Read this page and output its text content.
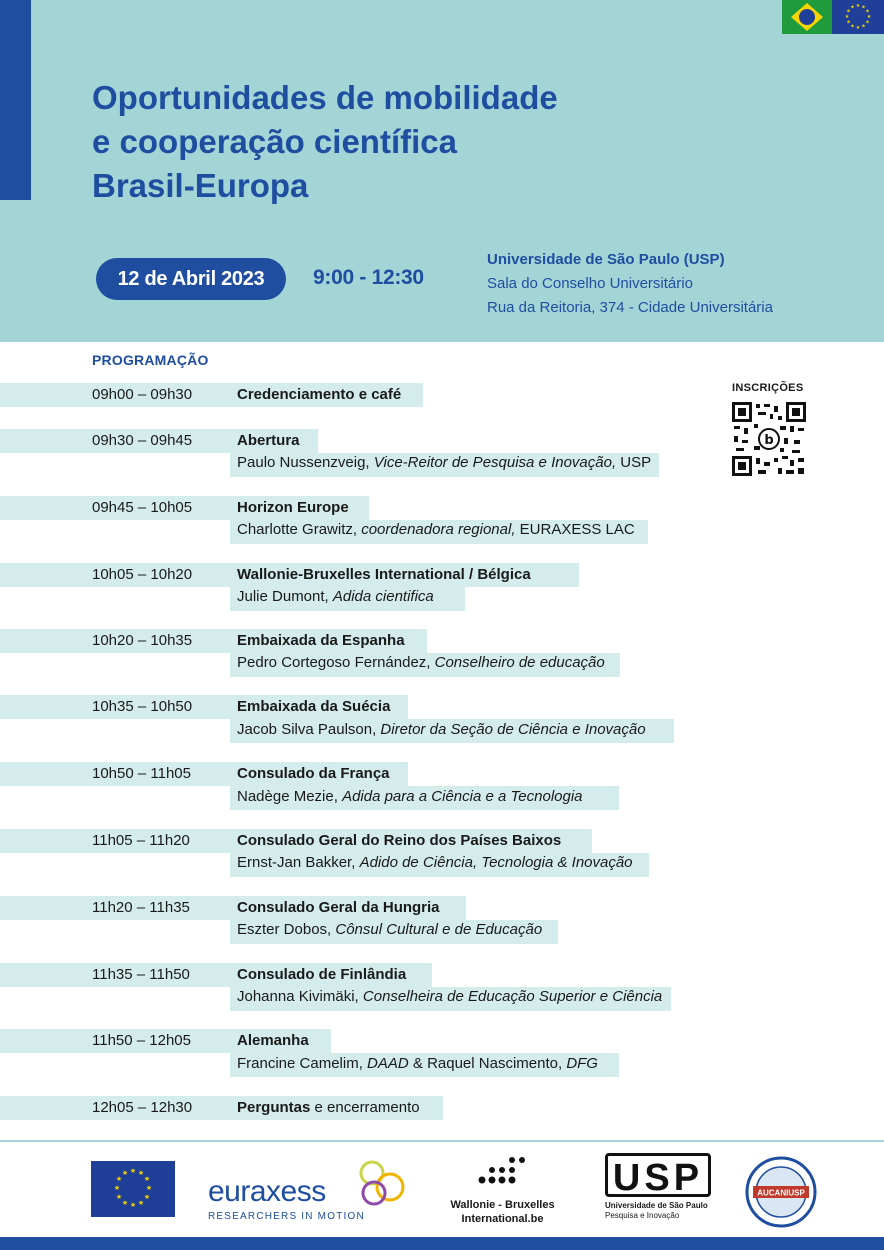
★ ★
★
★
★
★
★
★
★
★
★
★
Oportunidades de mobilidade
e cooperação científica
Brasil-Europa
12 de Abril 2023	9:00 - 12:30
Universidade de São Paulo (USP)
Sala do Conselho Universitário
Rua da Reitoria, 374 - Cidade Universitária
PROGRAMAÇÃO
INSCRIÇÕES
b
09h00 – 09h30	Credenciamento e café
09h30 – 09h45	Abertura
Paulo Nussenzveig, Vice-Reitor de Pesquisa e Inovação, USP
09h45 – 10h05	Horizon Europe
Charlotte Grawitz, coordenadora regional, EURAXESS LAC
10h05 – 10h20	Wallonie-Bruxelles International / Bélgica
Julie Dumont, Adida cientifica
10h20 – 10h35	Embaixada da Espanha
Pedro Cortegoso Fernández, Conselheiro de educação
10h35 – 10h50	Embaixada da Suécia
Jacob Silva Paulson, Diretor da Seção de Ciência e Inovação
10h50 – 11h05	Consulado da França
Nadège Mezie, Adida para a Ciência e a Tecnologia
11h05 – 11h20	Consulado Geral do Reino dos Países Baixos
Ernst-Jan Bakker, Adido de Ciência, Tecnologia & Inovação
11h20 – 11h35	Consulado Geral da Hungria
Eszter Dobos, Cônsul Cultural e de Educação
11h35 – 11h50	Consulado de Finlândia
Johanna Kivimäki, Conselheira de Educação Superior e Ciência
11h50 – 12h05	Alemanha
Francine Camelim, DAAD & Raquel Nascimento, DFG
12h05 – 12h30	Perguntas e encerramento
★ ★
★
★
★
★
★
★
★
★
★
★
euraxess
RESEARCHERS IN MOTION
Wallonie - Bruxelles
International.be
USP
Universidade de São Paulo
Pesquisa e Inovação
AUCANIUSP
